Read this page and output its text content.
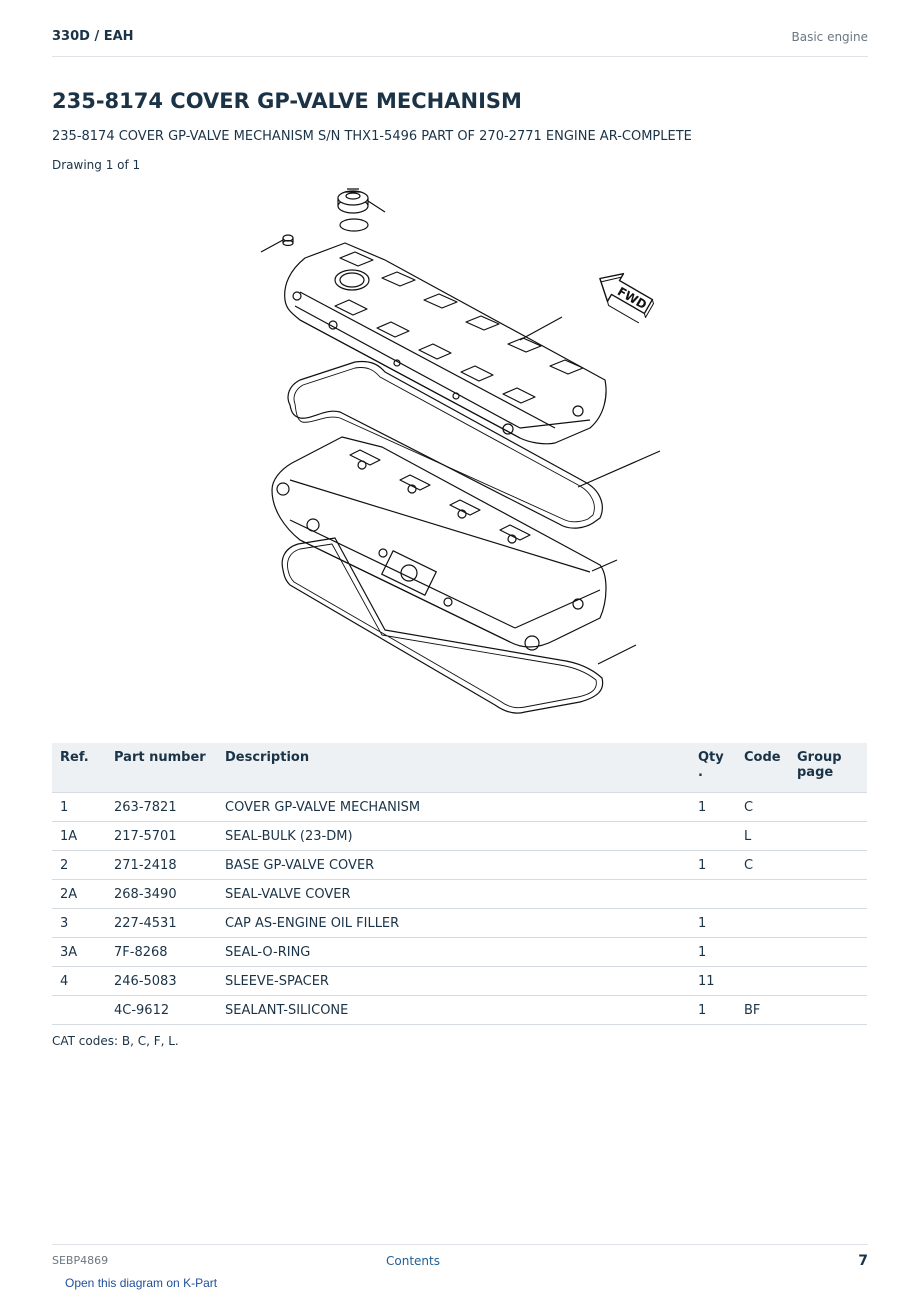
330D / EAH	Basic engine
235-8174 COVER GP-VALVE MECHANISM
235-8174 COVER GP-VALVE MECHANISM S/N THX1-5496 PART OF 270-2771 ENGINE AR-COMPLETE
Drawing 1 of 1
FWD
Ref.	Part number	Description	Qty .	Code	Group page
1	263-7821	COVER GP-VALVE MECHANISM	1	C	
1A	217-5701	SEAL-BULK (23-DM)		L	
2	271-2418	BASE GP-VALVE COVER	1	C	
2A	268-3490	SEAL-VALVE COVER			
3	227-4531	CAP AS-ENGINE OIL FILLER	1		
3A	7F-8268	SEAL-O-RING	1		
4	246-5083	SLEEVE-SPACER	11		
	4C-9612	SEALANT-SILICONE	1	BF	
CAT codes: B, C, F, L.
SEBP4869	Contents	7
Open this diagram on K-Part
